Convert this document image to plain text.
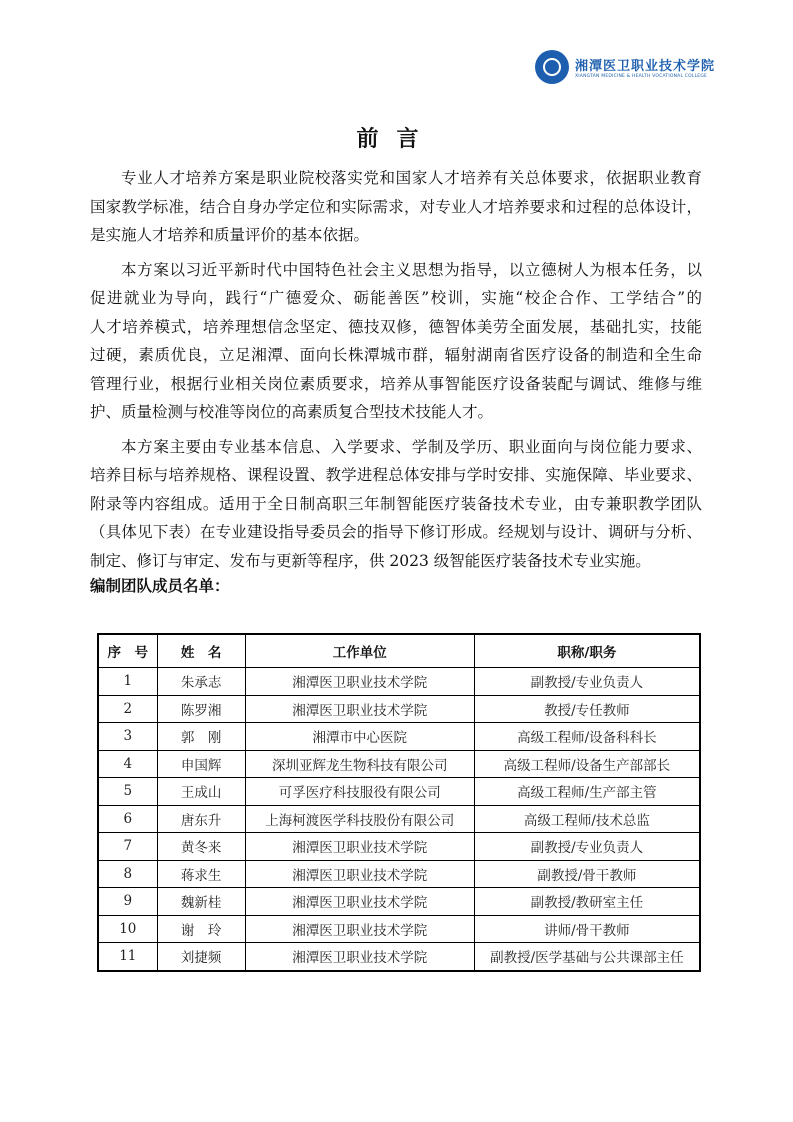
湘潭医卫职业技术学院
XIANGTAN MEDICINE & HEALTH VOCATIONAL COLLEGE
前言
专业人才培养方案是职业院校落实党和国家人才培养有关总体要求，依据职业教育
国家教学标准，结合自身办学定位和实际需求，对专业人才培养要求和过程的总体设计，
是实施人才培养和质量评价的基本依据。
本方案以习近平新时代中国特色社会主义思想为指导，以立德树人为根本任务，以
促进就业为导向，践行“广德爱众、砺能善医”校训，实施“校企合作、工学结合”的
人才培养模式，培养理想信念坚定、德技双修，德智体美劳全面发展，基础扎实，技能
过硬，素质优良，立足湘潭、面向长株潭城市群，辐射湖南省医疗设备的制造和全生命
管理行业，根据行业相关岗位素质要求，培养从事智能医疗设备装配与调试、维修与维
护、质量检测与校准等岗位的高素质复合型技术技能人才。
本方案主要由专业基本信息、入学要求、学制及学历、职业面向与岗位能力要求、
培养目标与培养规格、课程设置、教学进程总体安排与学时安排、实施保障、毕业要求、
附录等内容组成。适用于全日制高职三年制智能医疗装备技术专业，由专兼职教学团队
（具体见下表）在专业建设指导委员会的指导下修订形成。经规划与设计、调研与分析、
制定、修订与审定、发布与更新等程序，供 2023 级智能医疗装备技术专业实施。
编制团队成员名单：
序　号	姓　名	工作单位	职称/职务
1	朱承志	湘潭医卫职业技术学院	副教授/专业负责人
2	陈罗湘	湘潭医卫职业技术学院	教授/专任教师
3	郭　刚	湘潭市中心医院	高级工程师/设备科科长
4	申国辉	深圳亚辉龙生物科技有限公司	高级工程师/设备生产部部长
5	王成山	可孚医疗科技服役有限公司	高级工程师/生产部主管
6	唐东升	上海柯渡医学科技股份有限公司	高级工程师/技术总监
7	黄冬来	湘潭医卫职业技术学院	副教授/专业负责人
8	蒋求生	湘潭医卫职业技术学院	副教授/骨干教师
9	魏新桂	湘潭医卫职业技术学院	副教授/教研室主任
10	谢　玲	湘潭医卫职业技术学院	讲师/骨干教师
11	刘捷频	湘潭医卫职业技术学院	副教授/医学基础与公共课部主任
